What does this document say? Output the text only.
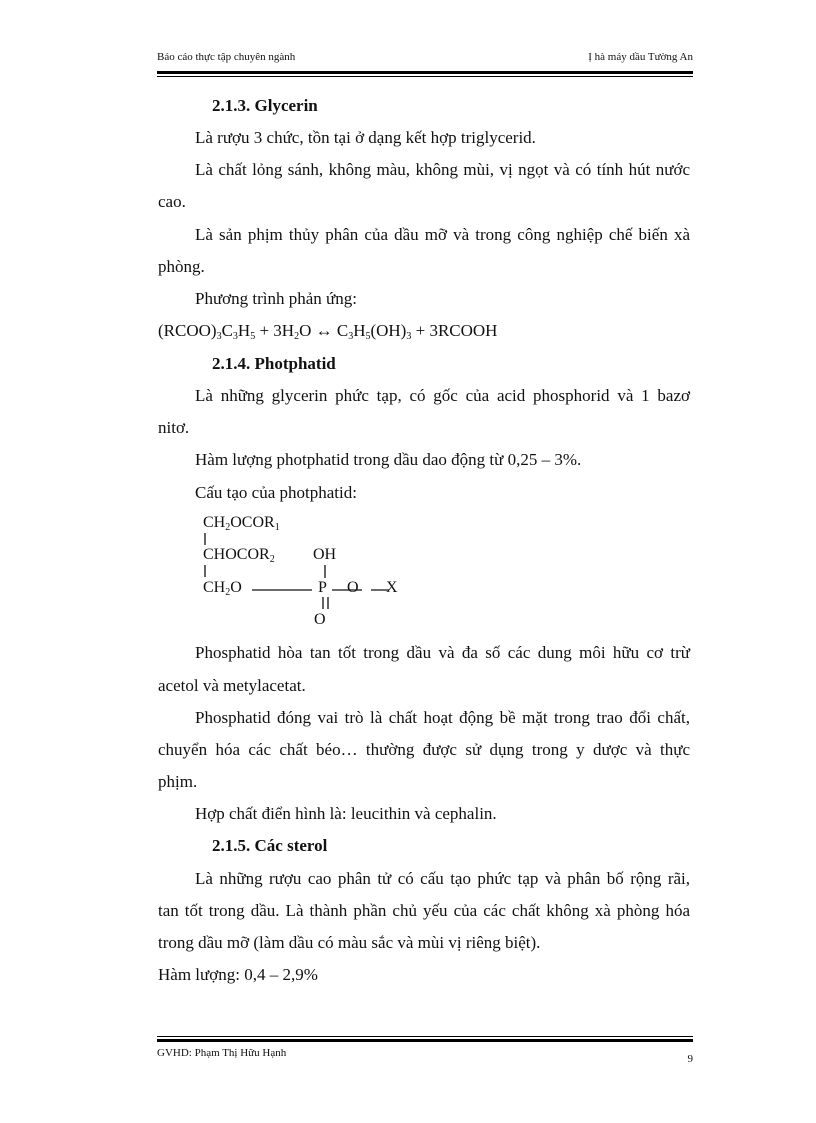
Báo cáo thực tập chuyên ngành	Ị hà máy dầu Tường An
2.1.3. Glycerin
Là rượu 3 chức, tồn tại ở dạng kết hợp triglycerid.
Là chất lỏng sánh, không màu, không mùi, vị ngọt và có tính hút nước
cao.
Là sản phịm thủy phân của dầu mỡ và trong công nghiệp chế biến xà
phòng.
Phương trình phản ứng:
$(RCOO)_3C_3H_5 + 3H_2O$ ↔ $C_3H_5(OH)_3$ + 3RCOOH
2.1.4. Photphatid
Là những glycerin phức tạp, có gốc của acid phosphorid và 1 bazơ
nitơ.
Hàm lượng photphatid trong dầu dao động từ 0,25 – 3%.
Cấu tạo của photphatid:
$CH_2OCOR_1$
$CHOCOR_2$ OH
$CH_2O$	P O X
O
Phosphatid hòa tan tốt trong dầu và đa số các dung môi hữu cơ trừ
acetol và metylacetat.
Phosphatid đóng vai trò là chất hoạt động bề mặt trong trao đổi chất,
chuyển hóa các chất béo… thường được sử dụng trong y dược và thực
phịm.
Hợp chất điển hình là: leucithin và cephalin.
2.1.5. Các sterol
Là những rượu cao phân tử có cấu tạo phức tạp và phân bố rộng rãi,
tan tốt trong dầu. Là thành phần chủ yếu của các chất không xà phòng hóa
trong dầu mỡ (làm dầu có màu sắc và mùi vị riêng biệt).
Hàm lượng: 0,4 – 2,9%
GVHD: Phạm Thị Hữu Hạnh	9
